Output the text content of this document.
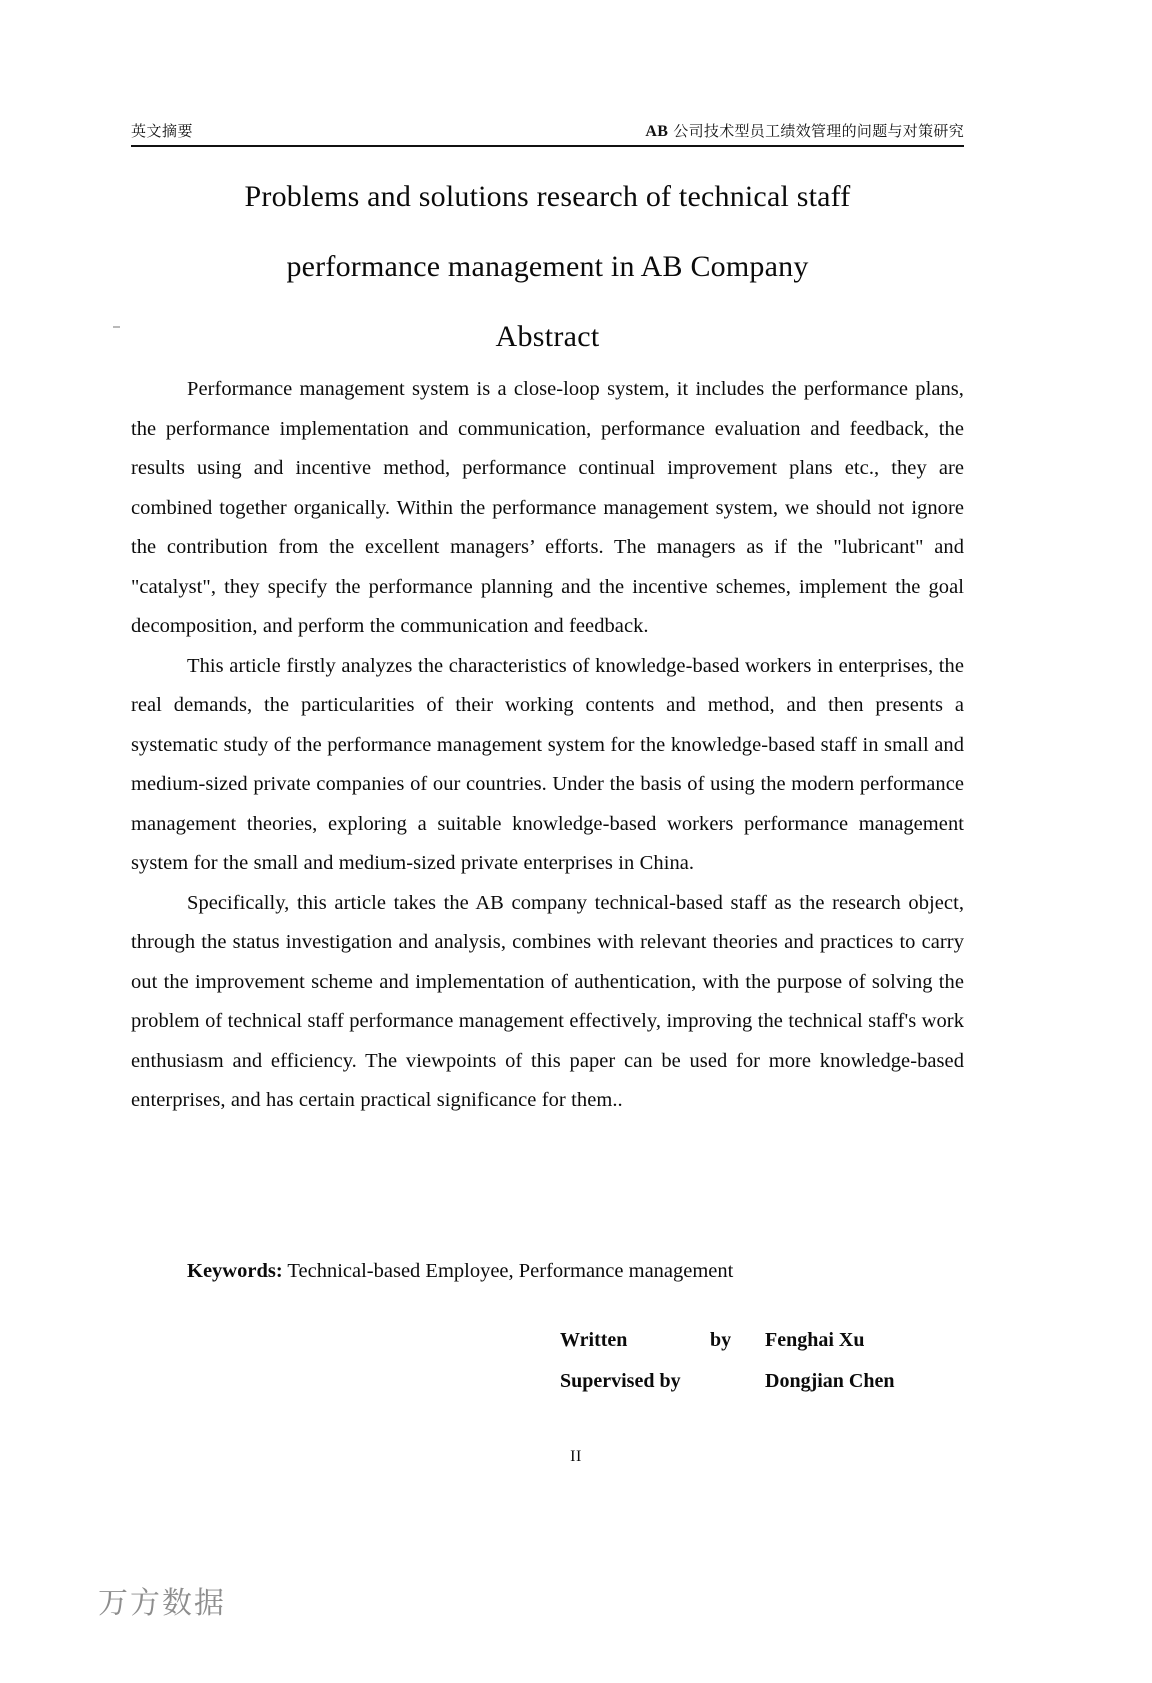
英文摘要	AB 公司技术型员工绩效管理的问题与对策研究
Problems and solutions research of technical staff
performance management in AB Company
Abstract

Performance management system is a close-loop system, it includes the performance plans, the performance implementation and communication, performance evaluation and feedback, the results using and incentive method, performance continual improvement plans etc., they are combined together organically. Within the performance management system, we should not ignore the contribution from the excellent managers’ efforts. The managers as if the "lubricant" and "catalyst", they specify the performance planning and the incentive schemes, implement the goal decomposition, and perform the communication and feedback.

This article firstly analyzes the characteristics of knowledge-based workers in enterprises, the real demands, the particularities of their working contents and method, and then presents a systematic study of the performance management system for the knowledge-based staff in small and medium-sized private companies of our countries. Under the basis of using the modern performance management theories, exploring a suitable knowledge-based workers performance management system for the small and medium-sized private enterprises in China.

Specifically, this article takes the AB company technical-based staff as the research object, through the status investigation and analysis, combines with relevant theories and practices to carry out the improvement scheme and implementation of authentication, with the purpose of solving the problem of technical staff performance management effectively, improving the technical staff's work enthusiasm and efficiency. The viewpoints of this paper can be used for more knowledge-based enterprises, and has certain practical significance for them..

Keywords: Technical-based Employee, Performance management
Written	by	Fenghai Xu
Supervised by	Dongjian Chen
II
万方数据
